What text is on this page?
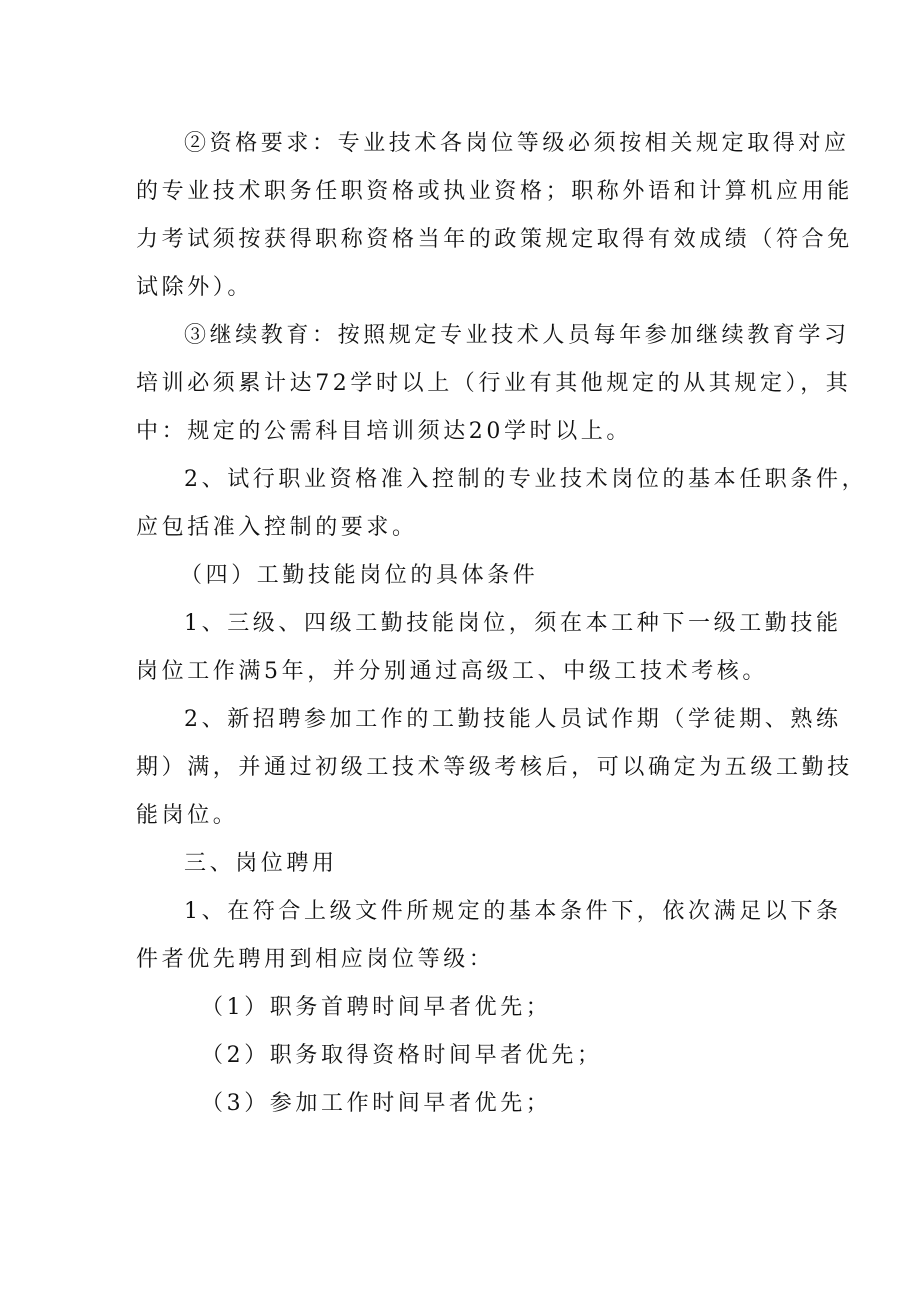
②资格要求：专业技术各岗位等级必须按相关规定取得对应
的专业技术职务任职资格或执业资格；职称外语和计算机应用能
力考试须按获得职称资格当年的政策规定取得有效成绩（符合免
试除外）。
③继续教育：按照规定专业技术人员每年参加继续教育学习
培训必须累计达72学时以上（行业有其他规定的从其规定），其
中：规定的公需科目培训须达20学时以上。
2、试行职业资格准入控制的专业技术岗位的基本任职条件，
应包括准入控制的要求。
（四）工勤技能岗位的具体条件
1、三级、四级工勤技能岗位，须在本工种下一级工勤技能
岗位工作满5年，并分别通过高级工、中级工技术考核。
2、新招聘参加工作的工勤技能人员试作期（学徒期、熟练
期）满，并通过初级工技术等级考核后，可以确定为五级工勤技
能岗位。
三、岗位聘用
1、在符合上级文件所规定的基本条件下，依次满足以下条
件者优先聘用到相应岗位等级：
（1）职务首聘时间早者优先；
（2）职务取得资格时间早者优先；
（3）参加工作时间早者优先；
